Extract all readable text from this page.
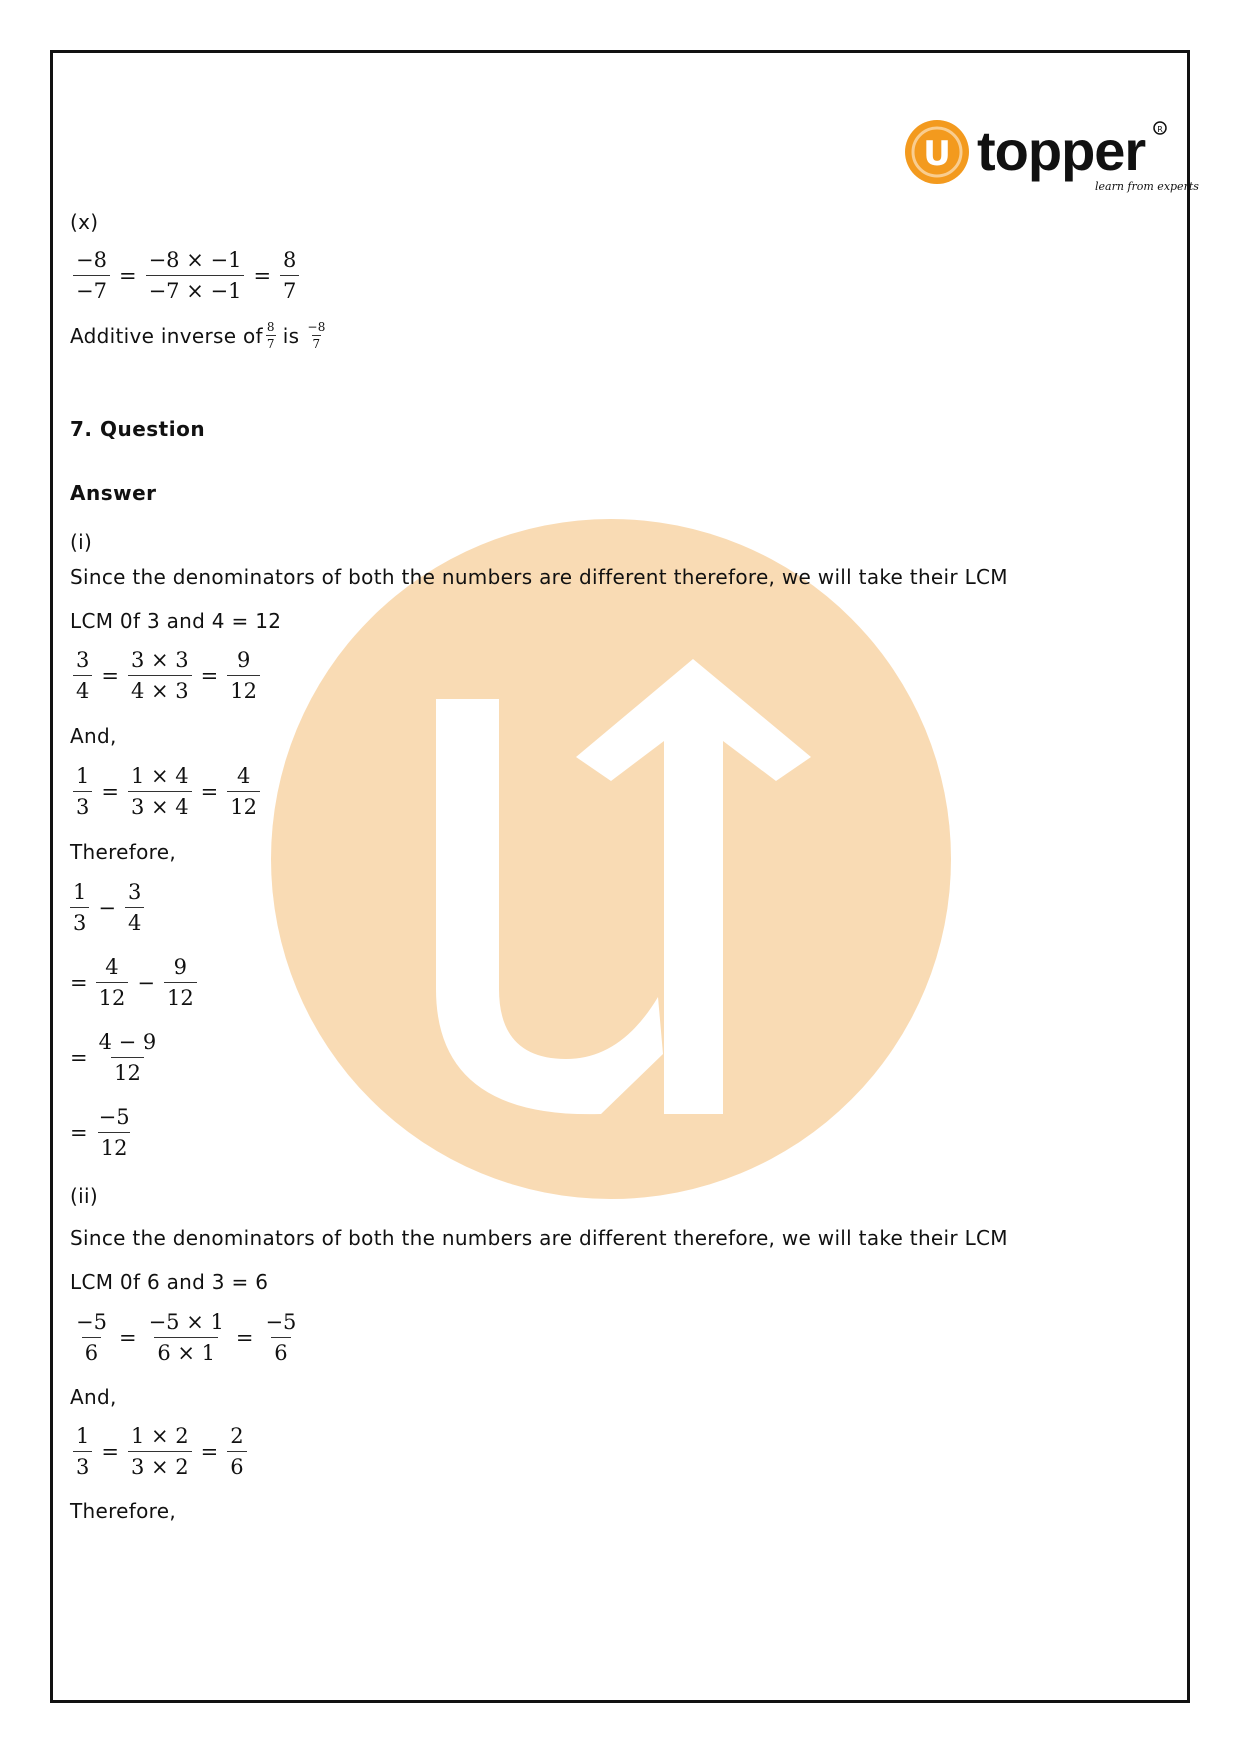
U topper
learn from experts
R
(x)
$\frac{-8}{-7} = \frac{-8 \times -1}{-7 \times -1} = \frac{8}{7}$
Additive inverse of $\frac{8}{7}$ is $\frac{-8}{7}$
7. Question
Answer
(i)
Since the denominators of both the numbers are different therefore, we will take their LCM
LCM 0f 3 and 4 = 12
$\frac{3}{4} = \frac{3 \times 3}{4 \times 3} = \frac{9}{12}$
And,
$\frac{1}{3} = \frac{1 \times 4}{3 \times 4} = \frac{4}{12}$
Therefore,
$\frac{1}{3} - \frac{3}{4}$
= $\frac{4}{12} - \frac{9}{12}$
= $\frac{4 - 9}{12}$
= $\frac{-5}{12}$
(ii)
Since the denominators of both the numbers are different therefore, we will take their LCM
LCM 0f 6 and 3 = 6
$\frac{-5}{6} = \frac{-5 \times 1}{6 \times 1} = \frac{-5}{6}$
And,
$\frac{1}{3} = \frac{1 \times 2}{3 \times 2} = \frac{2}{6}$
Therefore,
